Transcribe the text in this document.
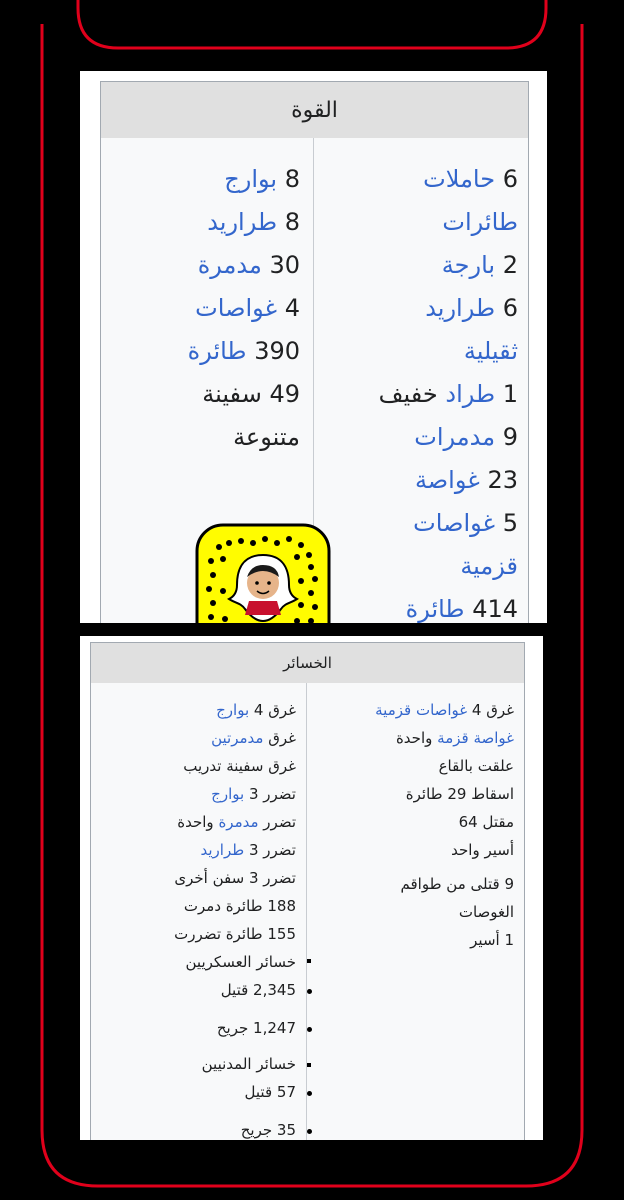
القوة
6 حاملات
طائرات
2 بارجة
6 طراريد
ثقيلية
1 طراد خفيف
9 مدمرات
23 غواصة
5 غواصات
قزمية
414 طائرة
8 بوارج
8 طراريد
30 مدمرة
4 غواصات
390 طائرة
49 سفينة
متنوعة
الخسائر
غرق 4 غواصات قزمية
غواصة قزمة واحدة
علقت بالقاع
اسقاط 29 طائرة
مقتل 64
أسير واحد
9 قتلى من طواقم
الغوصات
1 أسير
غرق 4 بوارج
غرق مدمرتين
غرق سفينة تدريب
تضرر 3 بوارج
تضرر مدمرة واحدة
تضرر 3 طراريد
تضرر 3 سفن أخرى
188 طائرة دمرت
155 طائرة تضررت
خسائر العسكريين
2,345 قتيل
1,247 جريح
خسائر المدنيين
57 قتيل
35 جريح
